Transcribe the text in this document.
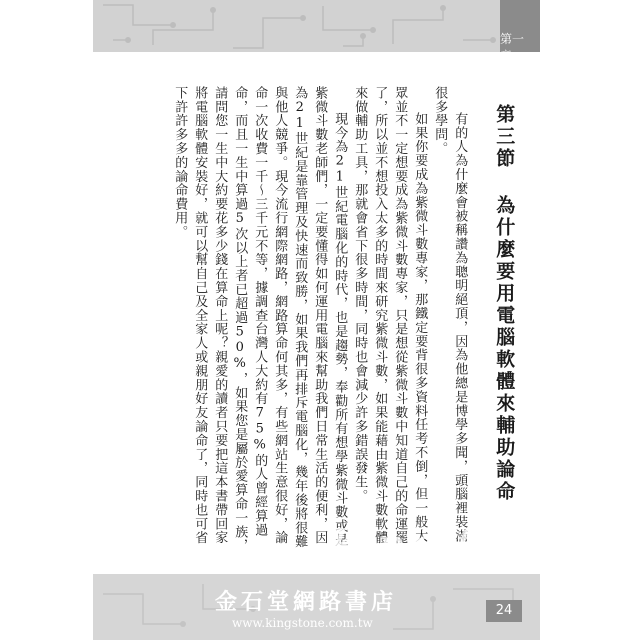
第一章
第三節 為什麼要用電腦軟體來輔助論命

有的人為什麼會被稱讚為聰明絕頂，因為他總是博學多聞，頭腦裡裝滿很多學問。

如果你要成為紫微斗數專家，那鐵定要背很多資料任考不倒，但一般大眾並不一定想要成為紫微斗數專家，只是想從紫微斗數中知道自己的命運罷了，所以並不想投入太多的時間來研究紫微斗數，如果能藉由紫微斗數軟體來做輔助工具，那就會省下很多時間，同時也會減少許多錯誤發生。

現今為21世紀電腦化的時代，也是趨勢，奉勸所有想學紫微斗數或是紫微斗數老師們，一定要懂得如何運用電腦來幫助我們日常生活的便利，因為21世紀是靠管理及快速而致勝，如果我們再排斥電腦化，幾年後將很難與他人競爭。現今流行網際網路，網路算命何其多，有些網站生意很好，論命一次收費一千～三千元不等，據調查台灣人大約有75%的人曾經算過命，而且一生中算過5次以上者已超過50%，如果您是屬於愛算命一族，請問您一生中大約要花多少錢在算命上呢？親愛的讀者只要把這本書帶回家將電腦軟體安裝好，就可以幫自己及全家人或親朋好友論命了，同時也可省下許許多多的論命費用。

24
Kingstone
金石堂網路書店
www.kingstone.com.tw
